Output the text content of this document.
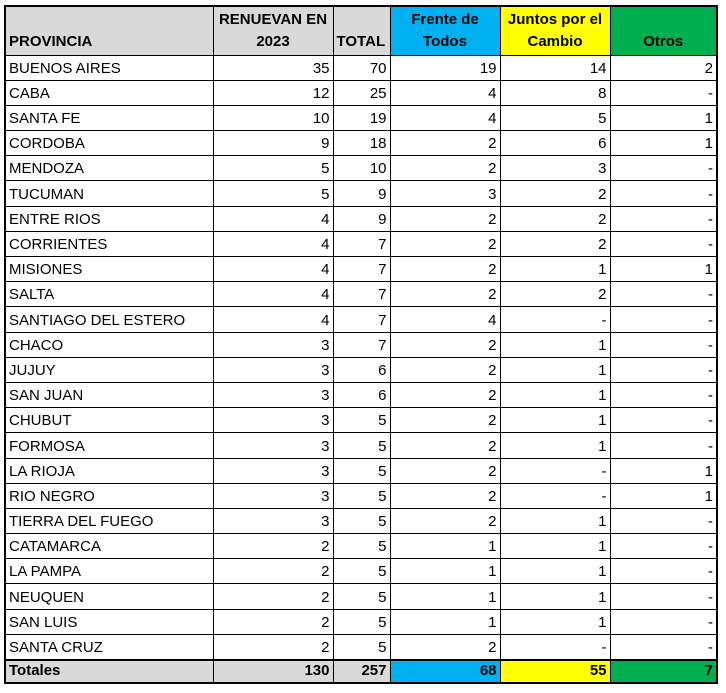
PROVINCIA	RENUEVAN EN 2023	TOTAL	Frente de Todos	Juntos por el Cambio	Otros
BUENOS AIRES	35	70	19	14	2
CABA	12	25	4	8	-
SANTA FE	10	19	4	5	1
CORDOBA	9	18	2	6	1
MENDOZA	5	10	2	3	-
TUCUMAN	5	9	3	2	-
ENTRE RIOS	4	9	2	2	-
CORRIENTES	4	7	2	2	-
MISIONES	4	7	2	1	1
SALTA	4	7	2	2	-
SANTIAGO DEL ESTERO	4	7	4	-	-
CHACO	3	7	2	1	-
JUJUY	3	6	2	1	-
SAN JUAN	3	6	2	1	-
CHUBUT	3	5	2	1	-
FORMOSA	3	5	2	1	-
LA RIOJA	3	5	2	-	1
RIO NEGRO	3	5	2	-	1
TIERRA DEL FUEGO	3	5	2	1	-
CATAMARCA	2	5	1	1	-
LA PAMPA	2	5	1	1	-
NEUQUEN	2	5	1	1	-
SAN LUIS	2	5	1	1	-
SANTA CRUZ	2	5	2	-	-
Totales	130	257	68	55	7
